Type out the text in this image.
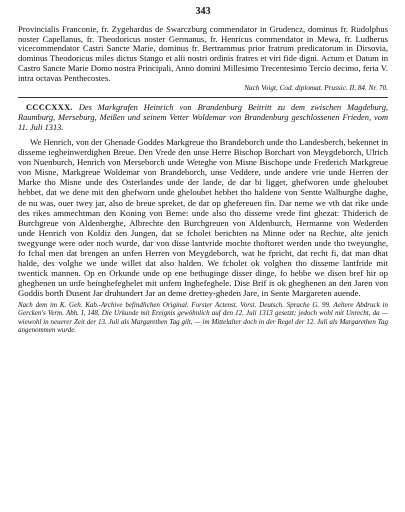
343

Provincialis Franconie, fr. Zygehardus de Swarczburg commendator in Grudencz, dominus fr. Rudolphus noster Capellanus, fr. Theodoricus noster Germanus, fr. Henricus commendator in Mewa, fr. Ludherus vicecommendator Castri Sancte Marie, dominus fr. Bertrammus prior fratrum predicatorum in Dirsovia, dominus Theodoricus miles dictus Stango et alii nostri ordinis fratres et viri fide digni. Actum et Datum in Castro Sancte Marie Domo nostra Principali, Anno domini Millesimo Trecentesimo Tercio decimo, feria V. intra octavas Penthecostes.

Nach Voigt, Cod. diplomat. Prussic. II, 84. Nr. 70.

CCCCXXX. Des Markgrafen Heinrich von Brandenburg Beitritt zu dem zwischen Magdeburg, Raumburg, Merseburg, Meißen und seinem Vetter Woldemar von Brandenburg geschlossenen Frieden, vom 11. Juli 1313.

We Henrich, von der Ghenade Goddes Markgreue tho Brandeborch unde tho Landesberch, bekennet in disseme iegheinwerdighen Breue. Den Vrede den unse Herre Bischop Borchart von Meygdeborch, Ulrich von Nuenburch, Henrich von Merseborch unde Weteghe von Misne Bischope unde Frederich Markgreue von Misne, Markgreue Woldemar von Brandeborch, unse Veddere, unde andere vrie unde Herren der Marke tho Misne unde des Osterlandes unde der lande, de dar bi ligget, ghefworen unde gheloubet hebbet, dat we dene mit den ghefworn unde gheloubet hebbet tho haldene von Sentte Walburghe daghe, de nu was, ouer twey jar, also de breue spreket, de dar op ghefereuen fin. Dar neme we vth dat rike unde des rikes ammechtman den Koning von Beme: unde also tho disseme vrede fint ghezat: Thiderich de Burchgreue von Aldenberghe, Albrechte den Burchgreuen von Aldenburch, Hermanne von Wederden unde Henrich von Koldiz den Jungen, dat se fcholet berichten na Minne oder na Rechte, alte jenich twegyunge were oder noch wurde, dar von disse lantvride mochte thoftoret werden unde tho tweyunghe, fo fchal men dat brengen an unfen Herren von Meygdeborch, wat he fpricht, dat recht fi, dat man dhat halde, des volghe we unde willet dat also halden. We fcholet ok volghen tho disseme lantfride mit twentick mannen. Op en Orkunde unde op ene bethuginge disser dinge, fo hebbe we disen bref hir op gheghenen un unfe beinghefeghelet mit unfem Inghefeghele. Dise Brif is ok gheghenen an den Jaren von Goddis borth Dusent Jar druhundert Jar an deme drettey-gheden Jare, in Sente Margareten auende.

Nach dem im K. Geh. Kab.-Archive befindlichen Original. Forster Actenst. Vorst. Deutsch. Sprache G. 99. Aeltere Abdruck in Gercken's Verm. Abh. I, 148. Die Urkunde mit Ereignis gewöhnlich auf den 12. Juli 1313 gesetzt; jedoch wohl mit Unrecht, da — wiewohl in neuerer Zeit der 13. Juli als Margarethen Tag gilt, — im Mittelalter doch in der Regel der 12. Juli als Margarethen Tag angenommen wurde.
